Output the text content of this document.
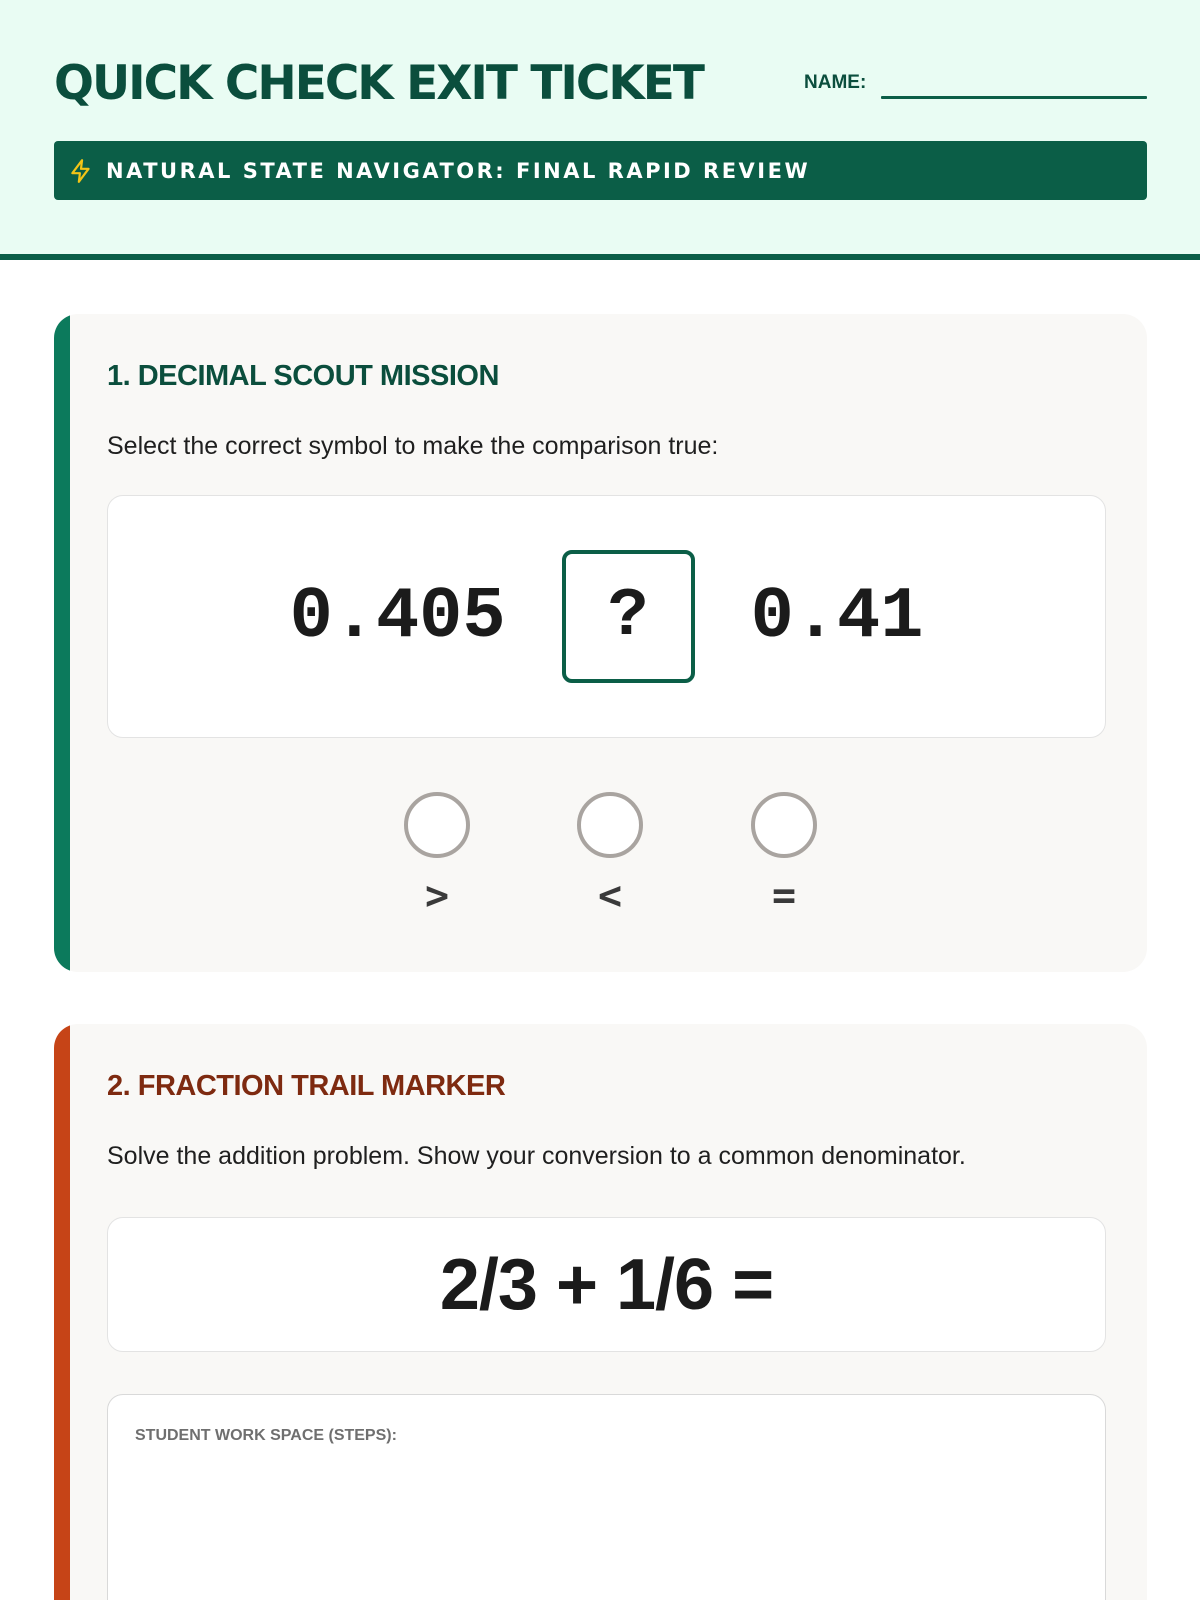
QUICK CHECK EXIT TICKET	NAME:
NATURAL STATE NAVIGATOR: FINAL RAPID REVIEW
1. DECIMAL SCOUT MISSION
Select the correct symbol to make the comparison true:
0.405 ? 0.41
>	<	=
2. FRACTION TRAIL MARKER
Solve the addition problem. Show your conversion to a common denominator.
2/3 + 1/6 =
STUDENT WORK SPACE (STEPS):
